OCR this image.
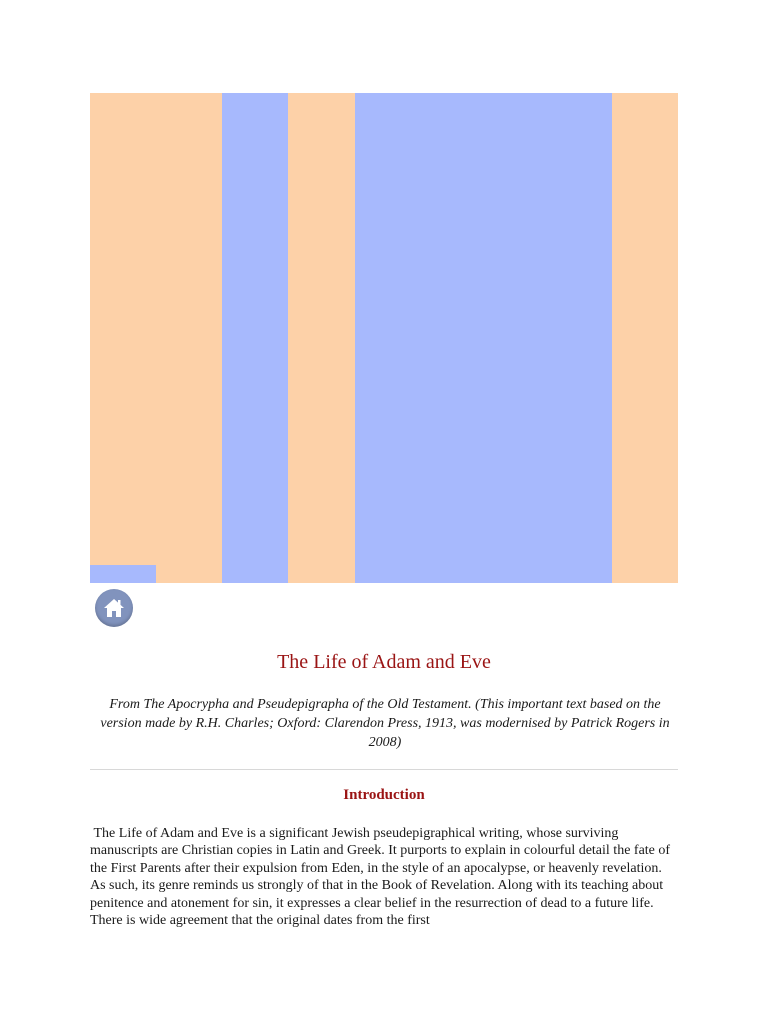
The Life of Adam and Eve

From The Apocrypha and Pseudepigrapha of the Old Testament. (This important text based on the version made by R.H. Charles; Oxford: Clarendon Press, 1913, was modernised by Patrick Rogers in 2008)

Introduction

The Life of Adam and Eve is a significant Jewish pseudepigraphical writing, whose surviving manuscripts are Christian copies in Latin and Greek. It purports to explain in colourful detail the fate of the First Parents after their expulsion from Eden, in the style of an apocalypse, or heavenly revelation. As such, its genre reminds us strongly of that in the Book of Revelation. Along with its teaching about penitence and atonement for sin, it expresses a clear belief in the resurrection of dead to a future life. There is wide agreement that the original dates from the first
